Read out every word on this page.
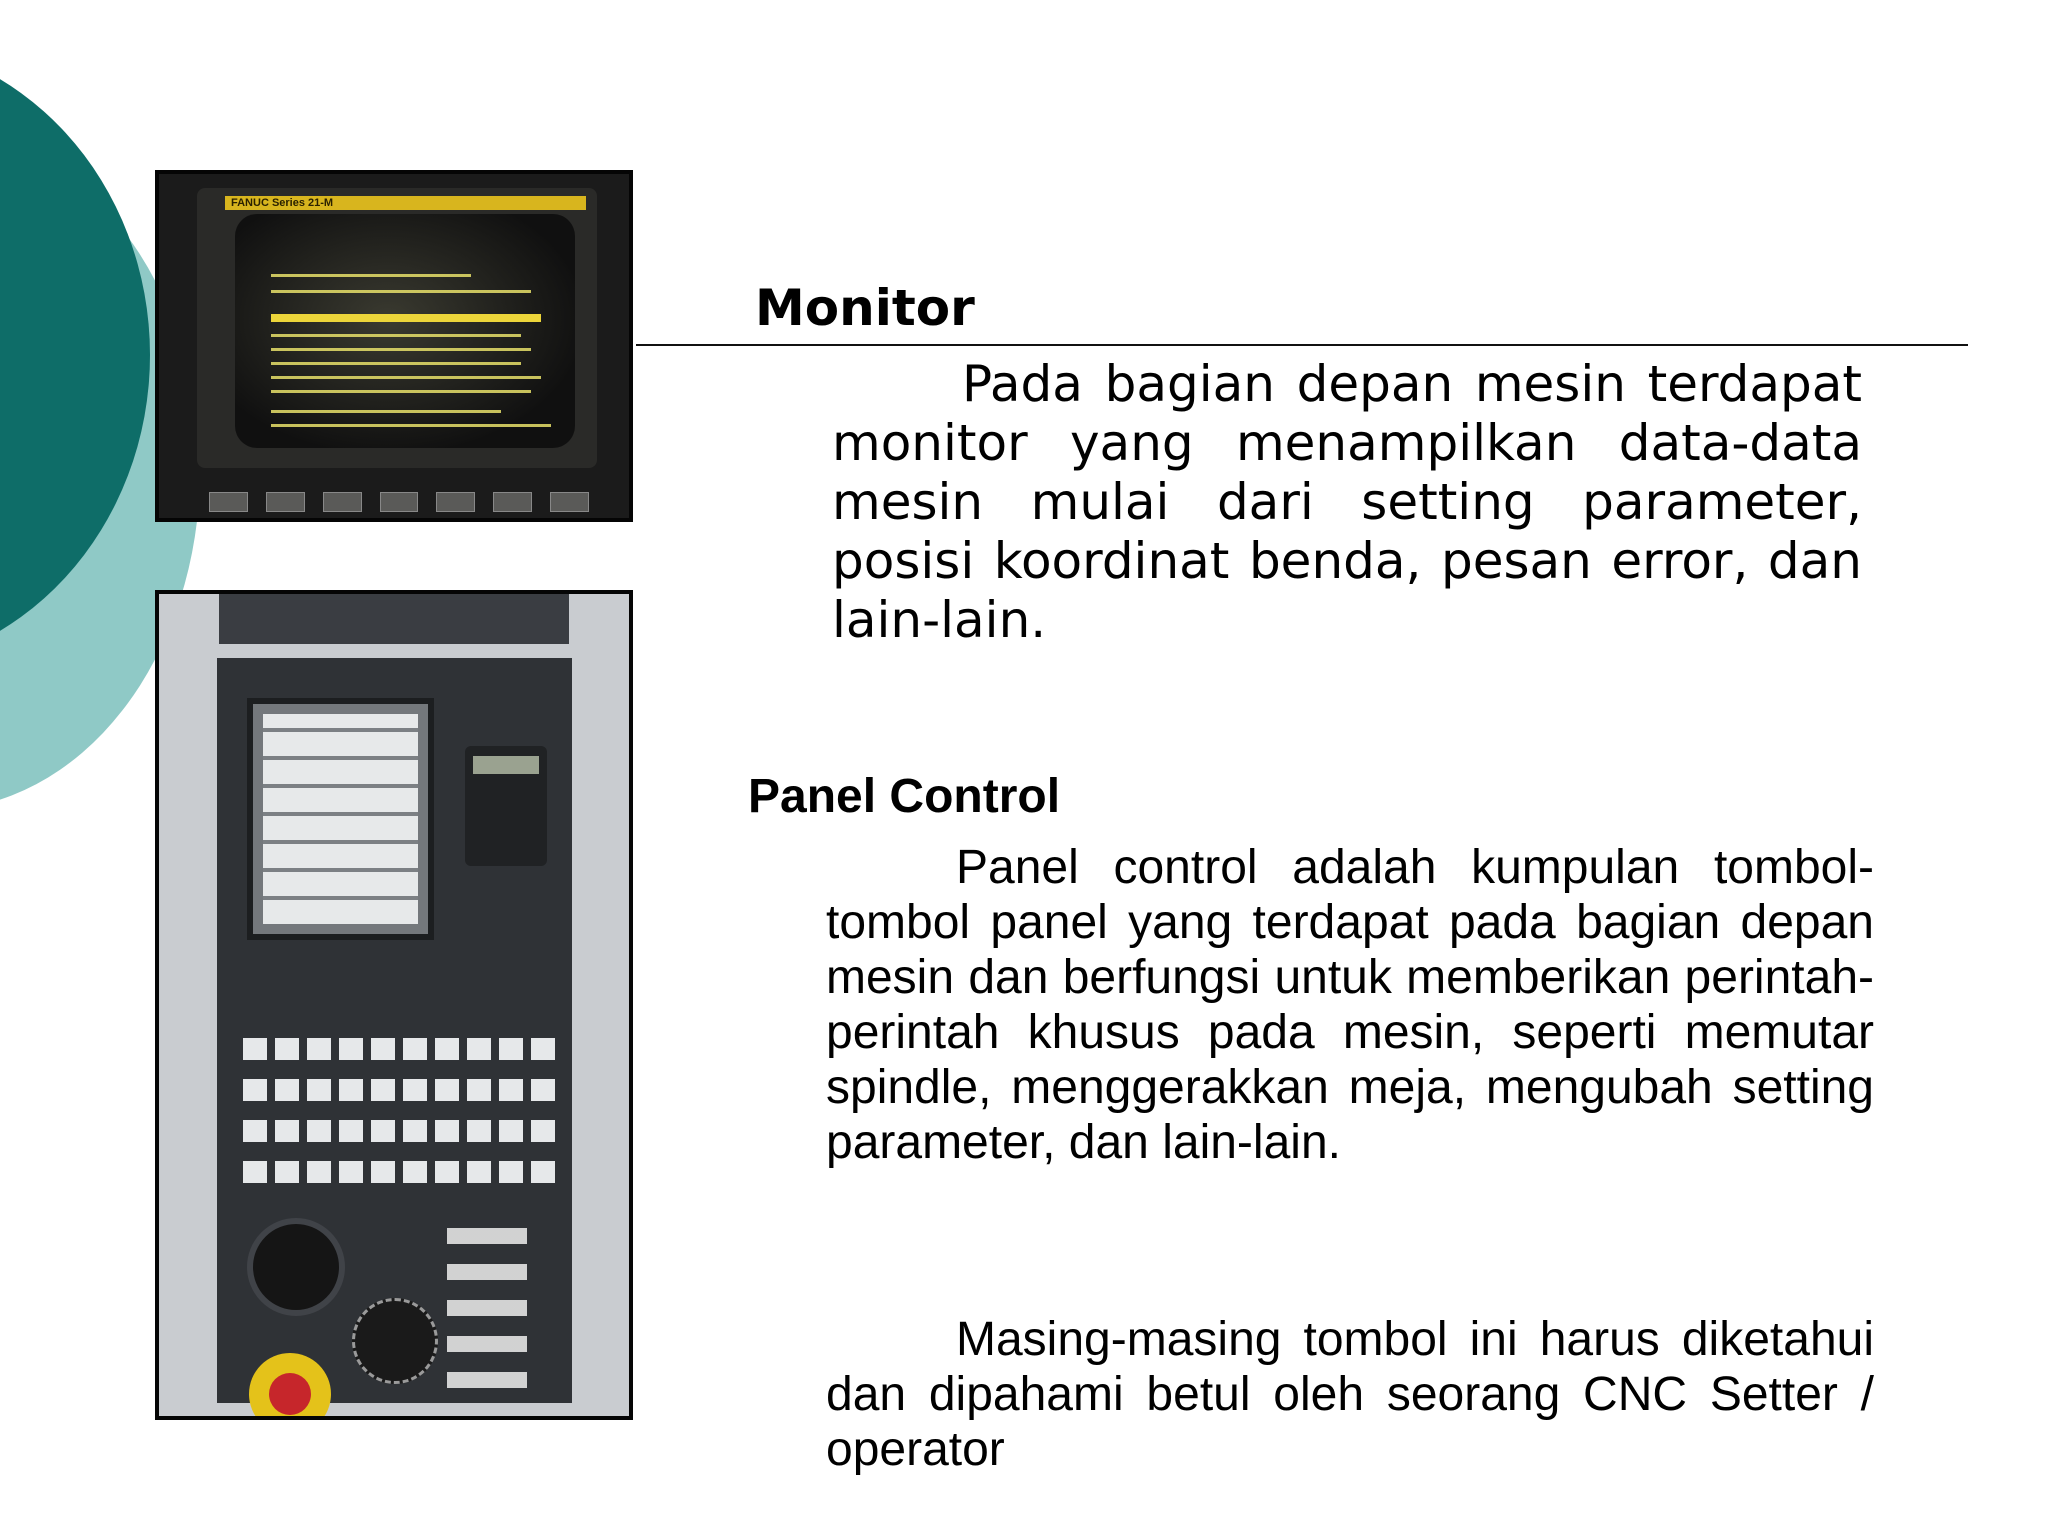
FANUC Series 21-M
Monitor

Pada bagian depan mesin terdapat monitor yang menampilkan data-data mesin mulai dari setting parameter, posisi koordinat benda, pesan error, dan lain-lain.

Panel Control

Panel control adalah kumpulan tombol-tombol panel yang terdapat pada bagian depan mesin dan berfungsi untuk memberikan perintah-perintah khusus pada mesin, seperti memutar spindle, menggerakkan meja, mengubah setting parameter, dan lain-lain.

Masing-masing tombol ini harus diketahui dan dipahami betul oleh seorang CNC Setter / operator
